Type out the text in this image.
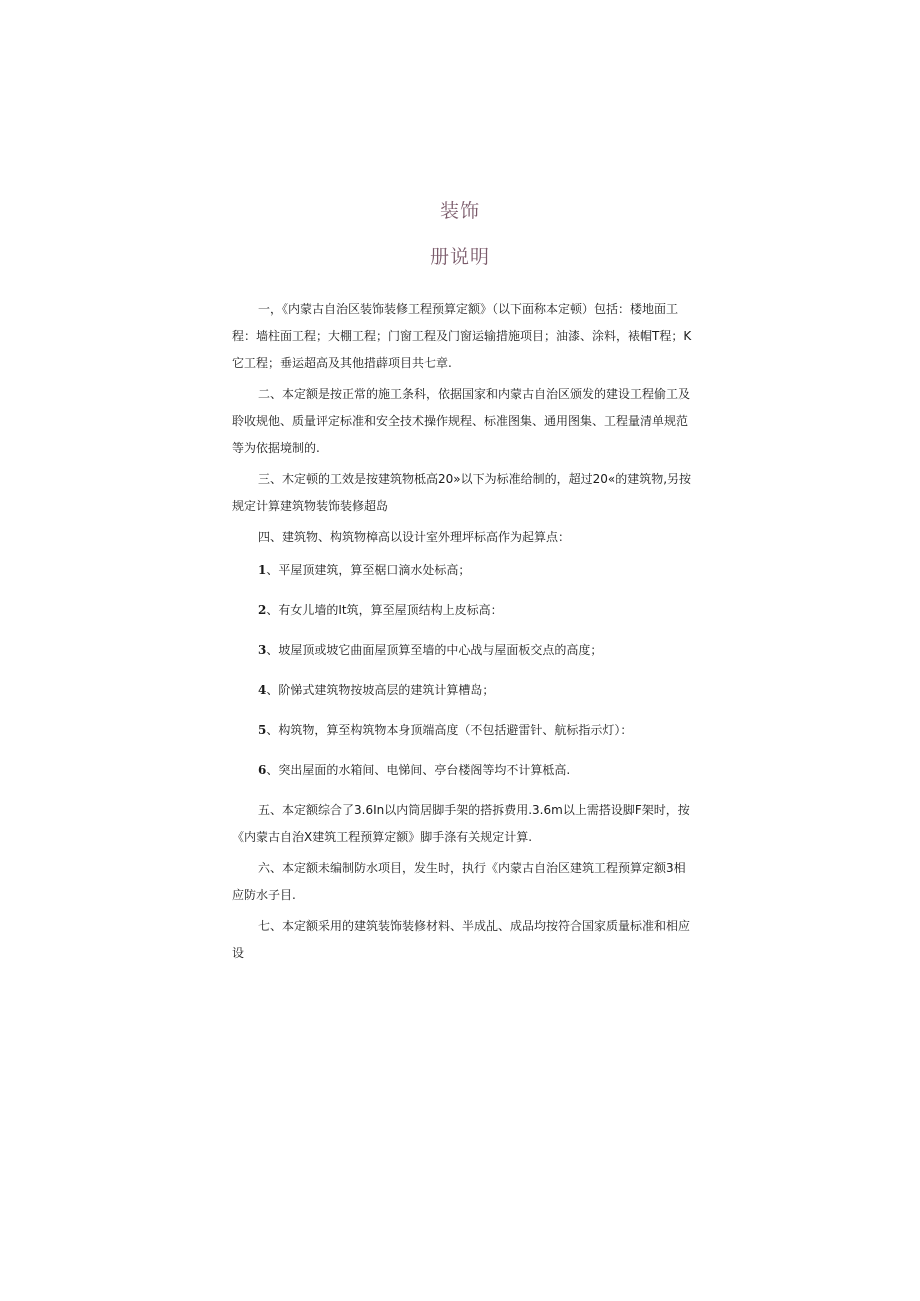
装饰
册说明

一，《内蒙古自治区装饰装修工程预算定额》（以下面称本定顿）包括：楼地面工程：墙柱面工程；大棚工程；门窗工程及门窗运输措施项目；油漆、涂料，裱帽T程；K它工程；垂运超高及其他措薜项目共七章.

二、本定额是按正常的施工条科，依据国家和内蒙古自治区颁发的建设工程偷工及聆收规他、质量评定标准和安全技术操作规程、标准图集、通用图集、工程量清单规范等为依据境制的.

三、木定顿的工效是按建筑物柢高20»以下为标准给制的，超过20«的建筑物,另按规定计算建筑物装饰装修超岛

四、建筑物、构筑物樟高以设计室外理坪标高作为起算点：

1、平屋顶建筑，算至椐口滴水处标高；
2、有女儿墙的It筑，算至屋顶结构上皮标高：
3、坡屋顶或坡它曲面屋顶算至墙的中心战与屋面板交点的高度；
4、阶悌式建筑物按坡高层的建筑计算槽岛；
5、构筑物，算至构筑物本身顶端高度（不包括避雷针、航标指示灯）：
6、突出屋面的水箱间、电悌间、亭台楼阁等均不计算柢高.

五、本定额综合了3.6In以内筒居脚手架的搭拆费用.3.6m以上需搭设脚F架时，按《内蒙古自治X建筑工程预算定额》脚手涤有关规定计算.

六、本定额未编制防水项目，发生时，执行《内蒙古自治区建筑工程预算定额3相应防水子目.

七、本定额采用的建筑装饰装修材料、半成乩、成品均按符合国家质量标准和相应设
